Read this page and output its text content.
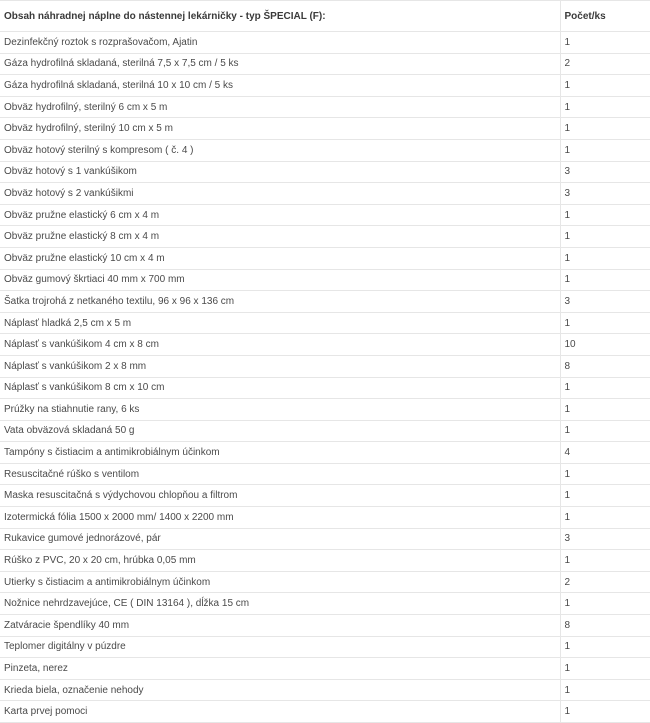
Obsah náhradnej náplne do nástennej lekárničky - typ ŠPECIAL (F):	Počet/ks
Dezinfekčný roztok s rozprašovačom, Ajatin	1
Gáza hydrofilná skladaná, sterilná 7,5 x 7,5 cm / 5 ks	2
Gáza hydrofilná skladaná, sterilná 10 x 10 cm / 5 ks	1
Obväz hydrofilný, sterilný 6 cm x 5 m	1
Obväz hydrofilný, sterilný 10 cm x 5 m	1
Obväz hotový sterilný s kompresom ( č. 4 )	1
Obväz hotový s 1 vankúšikom	3
Obväz hotový s 2 vankúšikmi	3
Obväz pružne elastický 6 cm x 4 m	1
Obväz pružne elastický 8 cm x 4 m	1
Obväz pružne elastický 10 cm x 4 m	1
Obväz gumový škrtiaci 40 mm x 700 mm	1
Šatka trojrohá z netkaného textilu, 96 x 96 x 136 cm	3
Náplasť hladká 2,5 cm x 5 m	1
Náplasť s vankúšikom 4 cm x 8 cm	10
Náplasť s vankúšikom 2 x 8 mm	8
Náplasť s vankúšikom 8 cm x 10 cm	1
Prúžky na stiahnutie rany, 6 ks	1
Vata obväzová skladaná 50 g	1
Tampóny s čistiacim a antimikrobiálnym účinkom	4
Resuscitačné rúško s ventilom	1
Maska resuscitačná s výdychovou chlopňou a filtrom	1
Izotermická fólia 1500 x 2000 mm/ 1400 x 2200 mm	1
Rukavice gumové jednorázové, pár	3
Rúško z PVC, 20 x 20 cm, hrúbka 0,05 mm	1
Utierky s čistiacim a antimikrobiálnym účinkom	2
Nožnice nehrdzavejúce, CE ( DIN 13164 ), dĺžka 15 cm	1
Zatváracie špendlíky 40 mm	8
Teplomer digitálny v púzdre	1
Pinzeta, nerez	1
Krieda biela, označenie nehody	1
Karta prvej pomoci	1
